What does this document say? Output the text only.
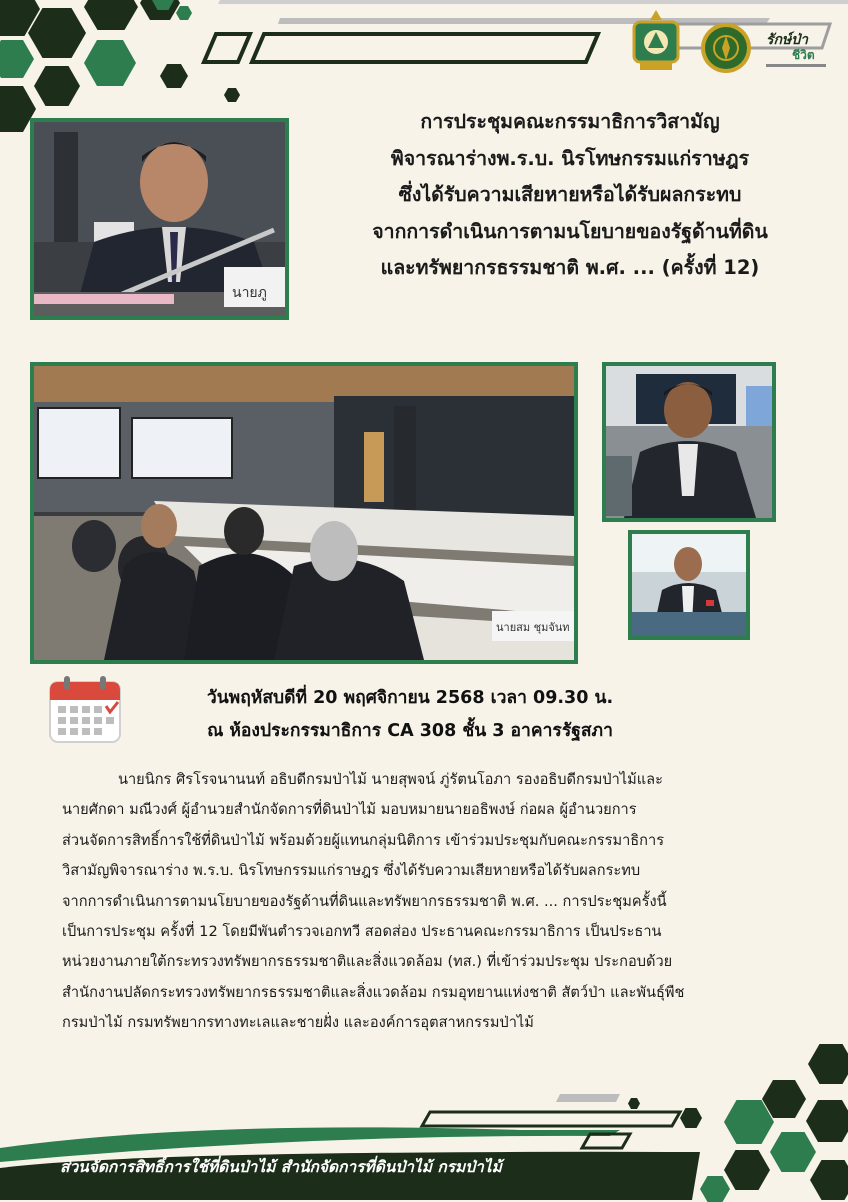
รักษ์ป่า
ชีวิต
นายภู
นายสม ชุมจันท
การประชุมคณะกรรมาธิการวิสามัญ
พิจารณาร่างพ.ร.บ. นิรโทษกรรมแก่ราษฎร
ซึ่งได้รับความเสียหายหรือได้รับผลกระทบ
จากการดำเนินการตามนโยบายของรัฐด้านที่ดิน
และทรัพยากรธรรมชาติ พ.ศ. ... (ครั้งที่ 12)
วันพฤหัสบดีที่ 20 พฤศจิกายน 2568 เวลา 09.30 น.
ณ ห้องประกรรมาธิการ CA 308 ชั้น 3 อาคารรัฐสภา
นายนิกร ศิรโรจนานนท์ อธิบดีกรมป่าไม้ นายสุพจน์ ภู่รัตนโอภา รองอธิบดีกรมป่าไม้และ
นายศักดา มณีวงศ์ ผู้อำนวยสำนักจัดการที่ดินป่าไม้ มอบหมายนายอธิพงษ์ ก่อผล ผู้อำนวยการ
ส่วนจัดการสิทธิ์การใช้ที่ดินป่าไม้ พร้อมด้วยผู้แทนกลุ่มนิติการ เข้าร่วมประชุมกับคณะกรรมาธิการ
วิสามัญพิจารณาร่าง พ.ร.บ. นิรโทษกรรมแก่ราษฎร ซึ่งได้รับความเสียหายหรือได้รับผลกระทบ
จากการดำเนินการตามนโยบายของรัฐด้านที่ดินและทรัพยากรธรรมชาติ พ.ศ. ... การประชุมครั้งนี้
เป็นการประชุม ครั้งที่ 12 โดยมีพันตำรวจเอกทวี สอดส่อง ประธานคณะกรรมาธิการ เป็นประธาน
หน่วยงานภายใต้กระทรวงทรัพยากรธรรมชาติและสิ่งแวดล้อม (ทส.) ที่เข้าร่วมประชุม ประกอบด้วย
สำนักงานปลัดกระทรวงทรัพยากรธรรมชาติและสิ่งแวดล้อม กรมอุทยานแห่งชาติ สัตว์ป่า และพันธุ์พืช
กรมป่าไม้ กรมทรัพยากรทางทะเลและชายฝั่ง และองค์การอุตสาหกรรมป่าไม้
ส่วนจัดการสิทธิ์การใช้ที่ดินป่าไม้ สำนักจัดการที่ดินป่าไม้ กรมป่าไม้
